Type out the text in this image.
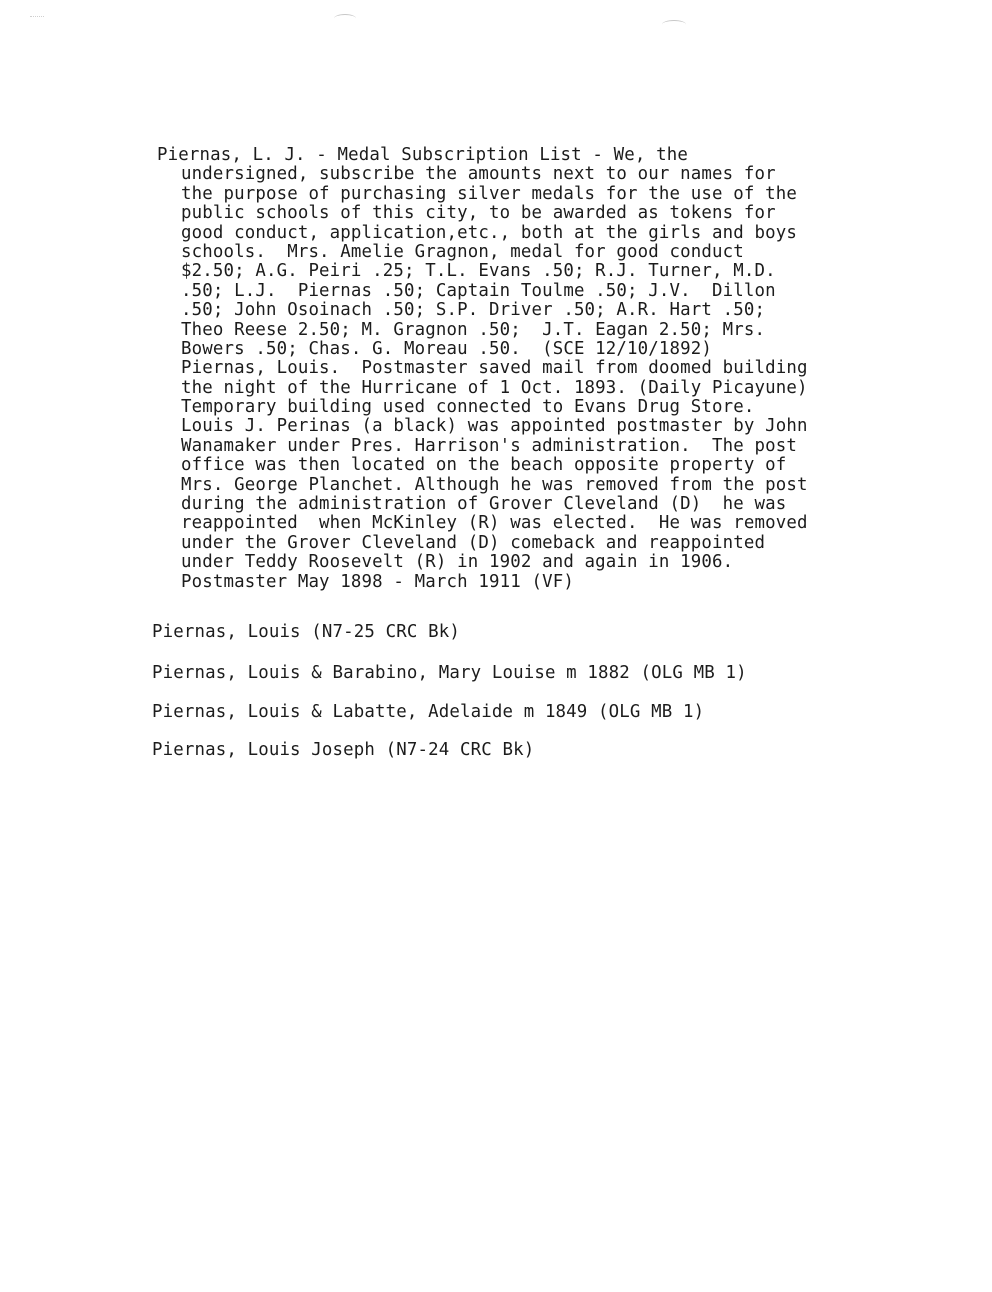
Piernas, L. J. - Medal Subscription List - We, the
undersigned, subscribe the amounts next to our names for
the purpose of purchasing silver medals for the use of the
public schools of this city, to be awarded as tokens for
good conduct, application,etc., both at the girls and boys
schools.  Mrs. Amelie Gragnon, medal for good conduct
$2.50; A.G. Peiri .25; T.L. Evans .50; R.J. Turner, M.D.
.50; L.J.  Piernas .50; Captain Toulme .50; J.V.  Dillon
.50; John Osoinach .50; S.P. Driver .50; A.R. Hart .50;
Theo Reese 2.50; M. Gragnon .50;  J.T. Eagan 2.50; Mrs.
Bowers .50; Chas. G. Moreau .50.  (SCE 12/10/1892)
Piernas, Louis.  Postmaster saved mail from doomed building
the night of the Hurricane of 1 Oct. 1893. (Daily Picayune)
Temporary building used connected to Evans Drug Store.
Louis J. Perinas (a black) was appointed postmaster by John
Wanamaker under Pres. Harrison's administration.  The post
office was then located on the beach opposite property of
Mrs. George Planchet. Although he was removed from the post
during the administration of Grover Cleveland (D)  he was
reappointed  when McKinley (R) was elected.  He was removed
under the Grover Cleveland (D) comeback and reappointed
under Teddy Roosevelt (R) in 1902 and again in 1906.
Postmaster May 1898 - March 1911 (VF)
Piernas, Louis (N7-25 CRC Bk)
Piernas, Louis & Barabino, Mary Louise m 1882 (OLG MB 1)
Piernas, Louis & Labatte, Adelaide m 1849 (OLG MB 1)
Piernas, Louis Joseph (N7-24 CRC Bk)
